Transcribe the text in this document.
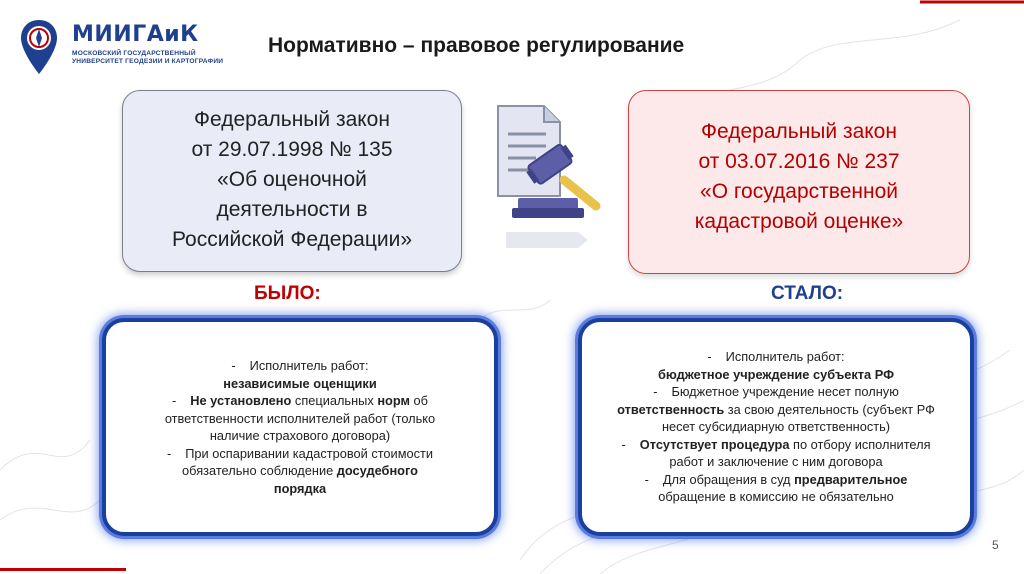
МИИГАиК
МОСКОВСКИЙ ГОСУДАРСТВЕННЫЙ
УНИВЕРСИТЕТ ГЕОДЕЗИИ И КАРТОГРАФИИ
Нормативно – правовое регулирование
Федеральный закон
от 29.07.1998 № 135
«Об оценочной
деятельности в
Российской Федерации»
Федеральный закон
от 03.07.2016 № 237
«О государственной
кадастровой оценке»
БЫЛО:	СТАЛО:
- Исполнитель работ:
независимые оценщики
- Не установлено специальных норм об
ответственности исполнителей работ (только
наличие страхового договора)
- При оспаривании кадастровой стоимости
обязательно соблюдение досудебного
порядка
- Исполнитель работ:
бюджетное учреждение субъекта РФ
- Бюджетное учреждение несет полную
ответственность за свою деятельность (субъект РФ
несет субсидиарную ответственность)
- Отсутствует процедура по отбору исполнителя
работ и заключение с ним договора
- Для обращения в суд предварительное
обращение в комиссию не обязательно
5
